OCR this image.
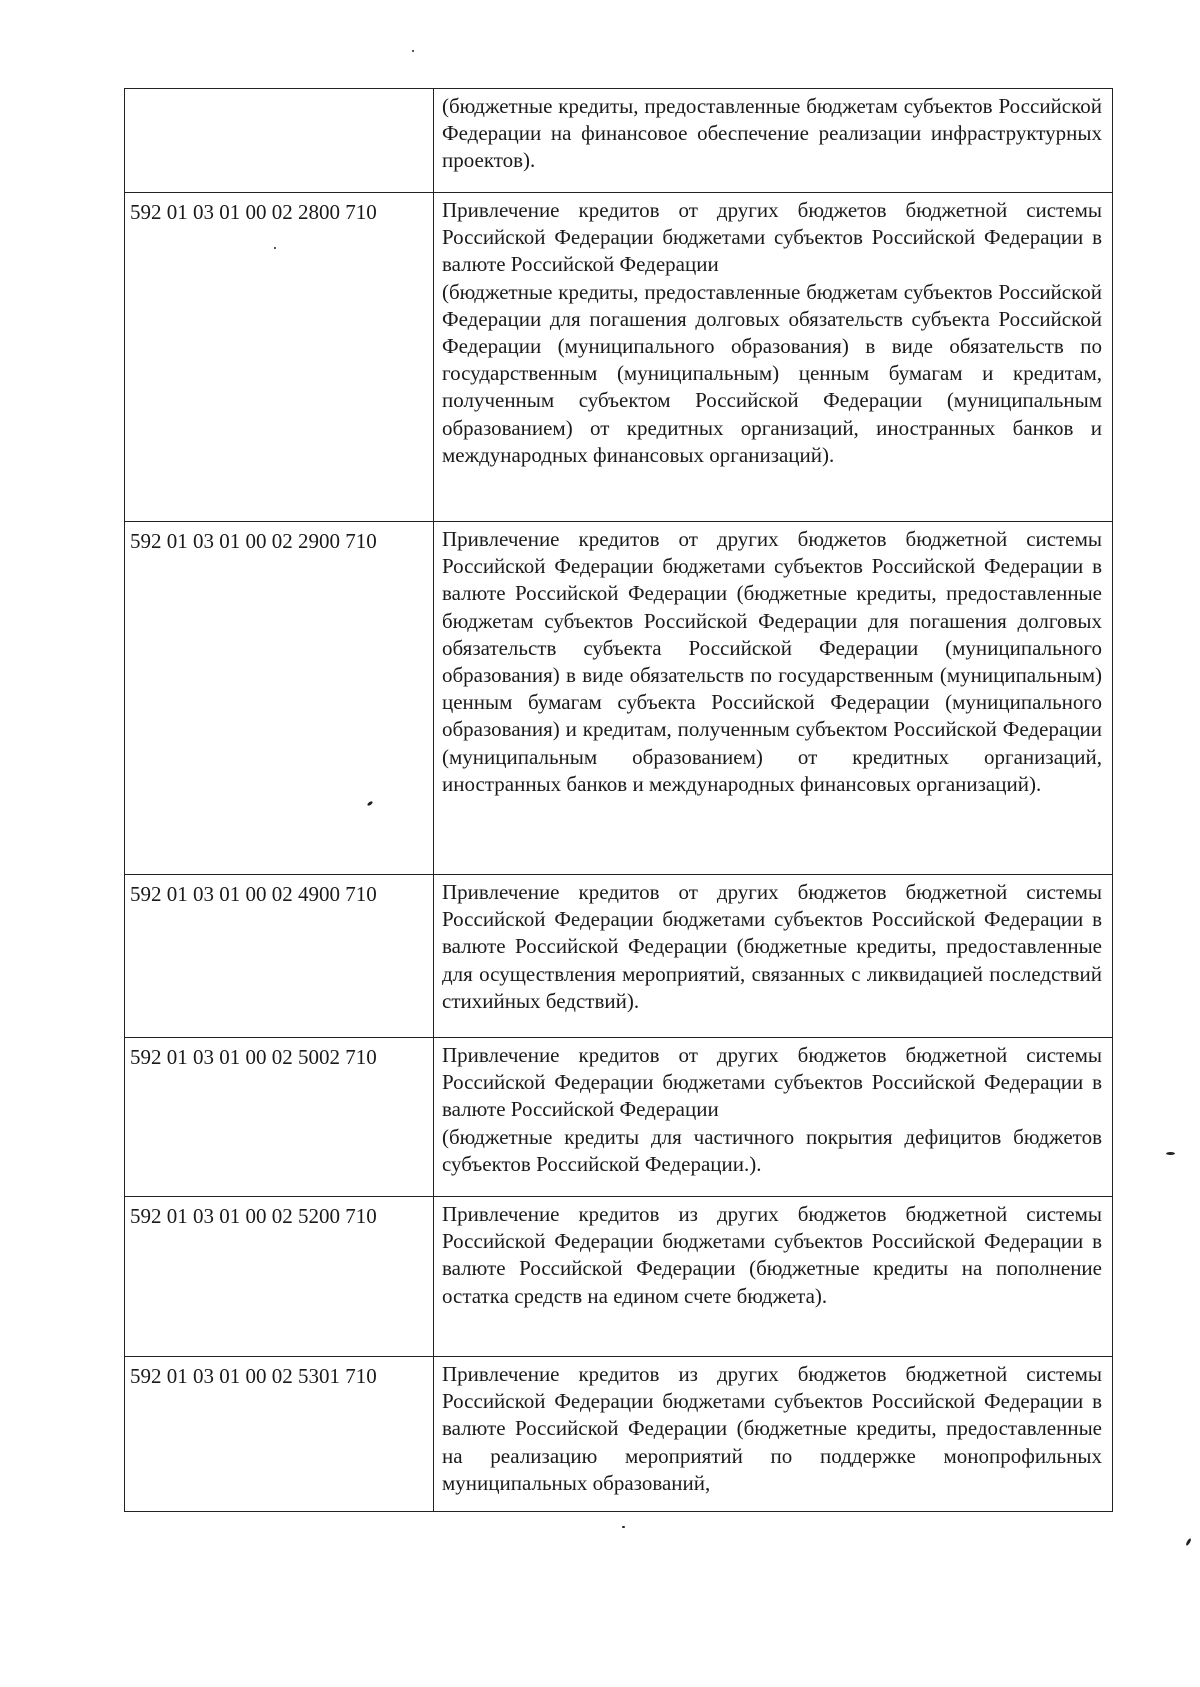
	(бюджетные кредиты, предоставленные бюджетам субъектов Российской Федерации на финансовое обеспечение реализации инфраструктурных проектов).

592 01 03 01 00 02 2800 710	Привлечение кредитов от других бюджетов бюджетной системы Российской Федерации бюджетами субъектов Российской Федерации в валюте Российской Федерации
(бюджетные кредиты, предоставленные бюджетам субъектов Российской Федерации для погашения долговых обязательств субъекта Российской Федерации (муниципального образования) в виде обязательств по государственным (муниципальным) ценным бумагам и кредитам, полученным субъектом Российской Федерации (муниципальным образованием) от кредитных организаций, иностранных банков и международных финансовых организаций).

592 01 03 01 00 02 2900 710	Привлечение кредитов от других бюджетов бюджетной системы Российской Федерации бюджетами субъектов Российской Федерации в валюте Российской Федерации (бюджетные кредиты, предоставленные бюджетам субъектов Российской Федерации для погашения долговых обязательств субъекта Российской Федерации (муниципального образования) в виде обязательств по государственным (муниципальным) ценным бумагам субъекта Российской Федерации (муниципального образования) и кредитам, полученным субъектом Российской Федерации (муниципальным образованием) от кредитных организаций, иностранных банков и международных финансовых организаций).

592 01 03 01 00 02 4900 710	Привлечение кредитов от других бюджетов бюджетной системы Российской Федерации бюджетами субъектов Российской Федерации в валюте Российской Федерации (бюджетные кредиты, предоставленные для осуществления мероприятий, связанных с ликвидацией последствий стихийных бедствий).

592 01 03 01 00 02 5002 710	Привлечение кредитов от других бюджетов бюджетной системы Российской Федерации бюджетами субъектов Российской Федерации в валюте Российской Федерации
(бюджетные кредиты для частичного покрытия дефицитов бюджетов субъектов Российской Федерации.).

592 01 03 01 00 02 5200 710	Привлечение кредитов из других бюджетов бюджетной системы Российской Федерации бюджетами субъектов Российской Федерации в валюте Российской Федерации (бюджетные кредиты на пополнение остатка средств на едином счете бюджета).

592 01 03 01 00 02 5301 710	Привлечение кредитов из других бюджетов бюджетной системы Российской Федерации бюджетами субъектов Российской Федерации в валюте Российской Федерации (бюджетные кредиты, предоставленные на реализацию мероприятий по поддержке монопрофильных муниципальных образований,
